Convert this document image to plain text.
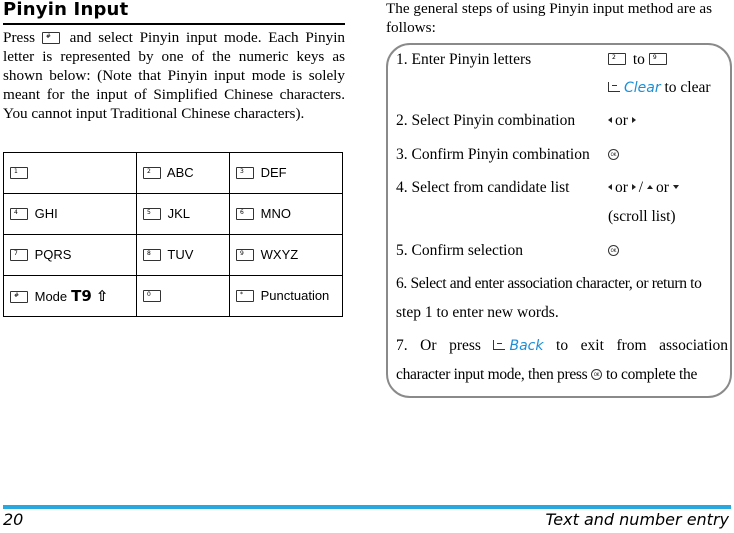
Pinyin Input
Press # and select Pinyin input mode. Each Pinyin letter is represented by one of the numeric keys as shown below: (Note that Pinyin input mode is solely meant for the input of Simplified Chinese characters. You cannot input Traditional Chinese characters).
1	2 ABC	3 DEF

4 GHI	5 JKL	6 MNO

7 PQRS	8 TUV	9 WXYZ

# Mode T9 ⇧	0	* Punctuation
The general steps of using Pinyin input method are as follows:
1. Enter Pinyin letters	2 to 9
Clear to clear
2. Select Pinyin combination	or
3. Confirm Pinyin combination	OK
4. Select from candidate list	or / or
(scroll list)
5. Confirm selection	OK
6. Select and enter association character, or return to
step 1 to enter new words.
7. Or press	Back to exit from association
character input mode, then press OK to complete the
20	Text and number entry
